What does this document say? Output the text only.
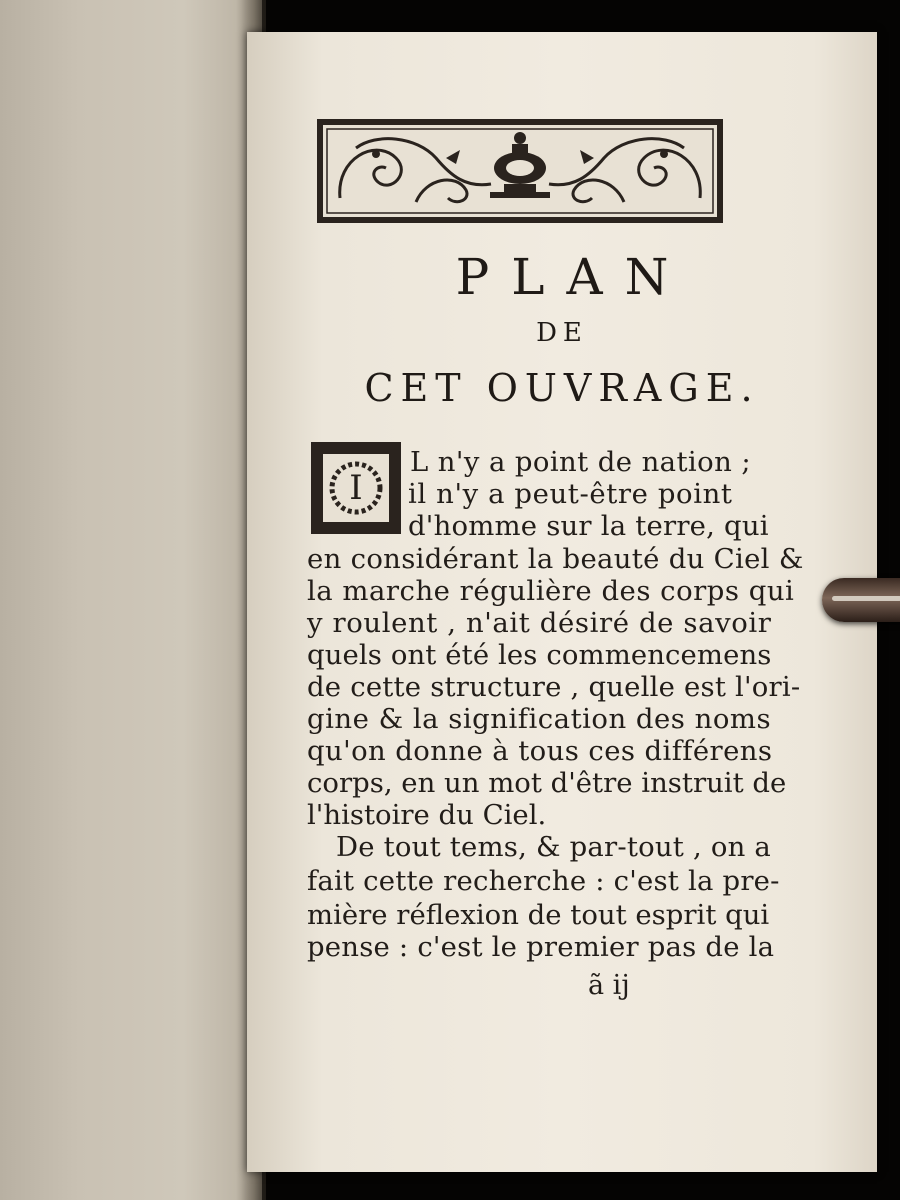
PLAN
DE
CET OUVRAGE.
I
L n'y a point de nation ;
il n'y a peut-être point
d'homme sur la terre, qui
en considérant la beauté du Ciel &
la marche régulière des corps qui
y roulent , n'ait désiré de savoir
quels ont été les commencemens
de cette structure , quelle est l'ori-
gine & la signification des noms
qu'on donne à tous ces différens
corps, en un mot d'être instruit de
l'histoire du Ciel.
De tout tems, & par-tout , on a
fait cette recherche : c'est la pre-
mière réflexion de tout esprit qui
pense : c'est le premier pas de la
ã ij
